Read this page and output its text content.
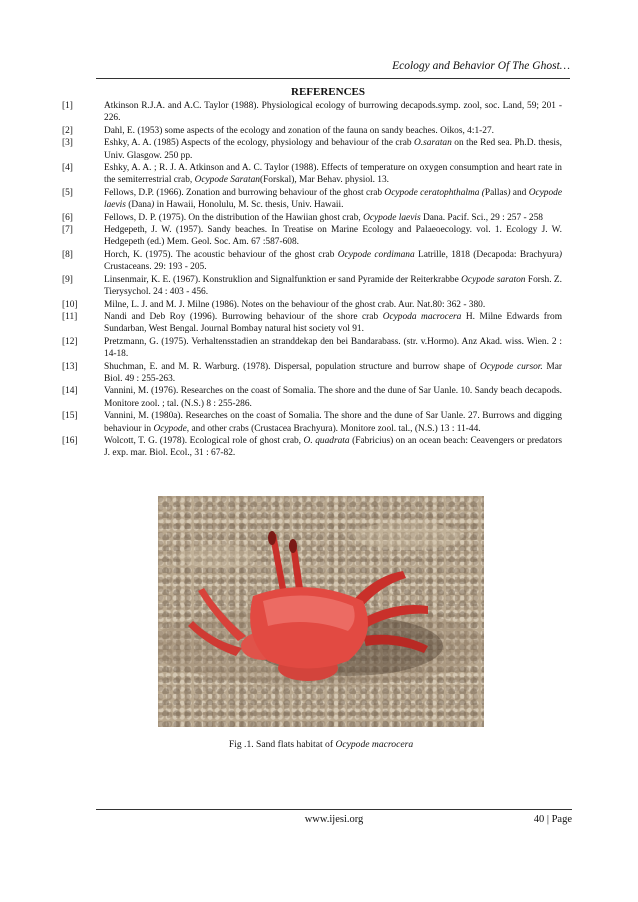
Ecology and Behavior Of The Ghost…
REFERENCES
[1]	Atkinson R.J.A. and A.C. Taylor (1988). Physiological ecology of burrowing decapods.symp. zool, soc. Land, 59; 201 - 226.
[2]	Dahl, E. (1953) some aspects of the ecology and zonation of the fauna on sandy beaches. Oikos, 4:1-27.
[3]	Eshky, A. A. (1985) Aspects of the ecology, physiology and behaviour of the crab O.saratan on the Red sea. Ph.D. thesis, Univ. Glasgow. 250 pp.
[4]	Eshky, A. A. ; R. J. A. Atkinson and A. C. Taylor (1988). Effects of temperature on oxygen consumption and heart rate in the semiterrestrial crab, Ocypode Saratan(Forskal), Mar Behav. physiol. 13.
[5]	Fellows, D.P. (1966). Zonation and burrowing behaviour of the ghost crab Ocypode ceratophthalma (Pallas) and Ocypode laevis (Dana) in Hawaii, Honolulu, M. Sc. thesis, Univ. Hawaii.
[6]	Fellows, D. P. (1975). On the distribution of the Hawiian ghost crab, Ocypode laevis Dana. Pacif. Sci., 29 : 257 - 258
[7]	Hedgepeth, J. W. (1957). Sandy beaches. In Treatise on Marine Ecology and Palaeoecology. vol. 1. Ecology J. W. Hedgepeth (ed.) Mem. Geol. Soc. Am. 67 :587-608.
[8]	Horch, K. (1975). The acoustic behaviour of the ghost crab Ocypode cordimana Latrille, 1818 (Decapoda: Brachyura) Crustaceans. 29: 193 - 205.
[9]	Linsenmair, K. E. (1967). Konstruklion and Signalfunktion er sand Pyramide der Reiterkrabbe Ocypode saraton Forsh. Z. Tierysychol. 24 : 403 - 456.
[10]	Milne, L. J. and M. J. Milne (1986). Notes on the behaviour of the ghost crab. Aur. Nat.80: 362 - 380.
[11]	Nandi and Deb Roy (1996). Burrowing behaviour of the shore crab Ocypoda macrocera H. Milne Edwards from Sundarban, West Bengal. Journal Bombay natural hist society vol 91.
[12]	Pretzmann, G. (1975). Verhaltensstadien an stranddekap den bei Bandarabass. (str. v.Hormo). Anz Akad. wiss. Wien. 2 : 14-18.
[13]	Shuchman, E. and M. R. Warburg. (1978). Dispersal, population structure and burrow shape of Ocypode cursor. Mar Biol. 49 : 255-263.
[14]	Vannini, M. (1976). Researches on the coast of Somalia. The shore and the dune of Sar Uanle. 10. Sandy beach decapods. Monitore zool. ; tal. (N.S.) 8 : 255-286.
[15]	Vannini, M. (1980a). Researches on the coast of Somalia. The shore and the dune of Sar Uanle. 27. Burrows and digging behaviour in Ocypode, and other crabs (Crustacea Brachyura). Monitore zool. tal., (N.S.) 13 : 11-44.
[16]	Wolcott, T. G. (1978). Ecological role of ghost crab, O. quadrata (Fabricius) on an ocean beach: Ceavengers or predators J. exp. mar. Biol. Ecol., 31 : 67-82.
Fig .1. Sand flats habitat of Ocypode macrocera
www.ijesi.org	40 | Page
